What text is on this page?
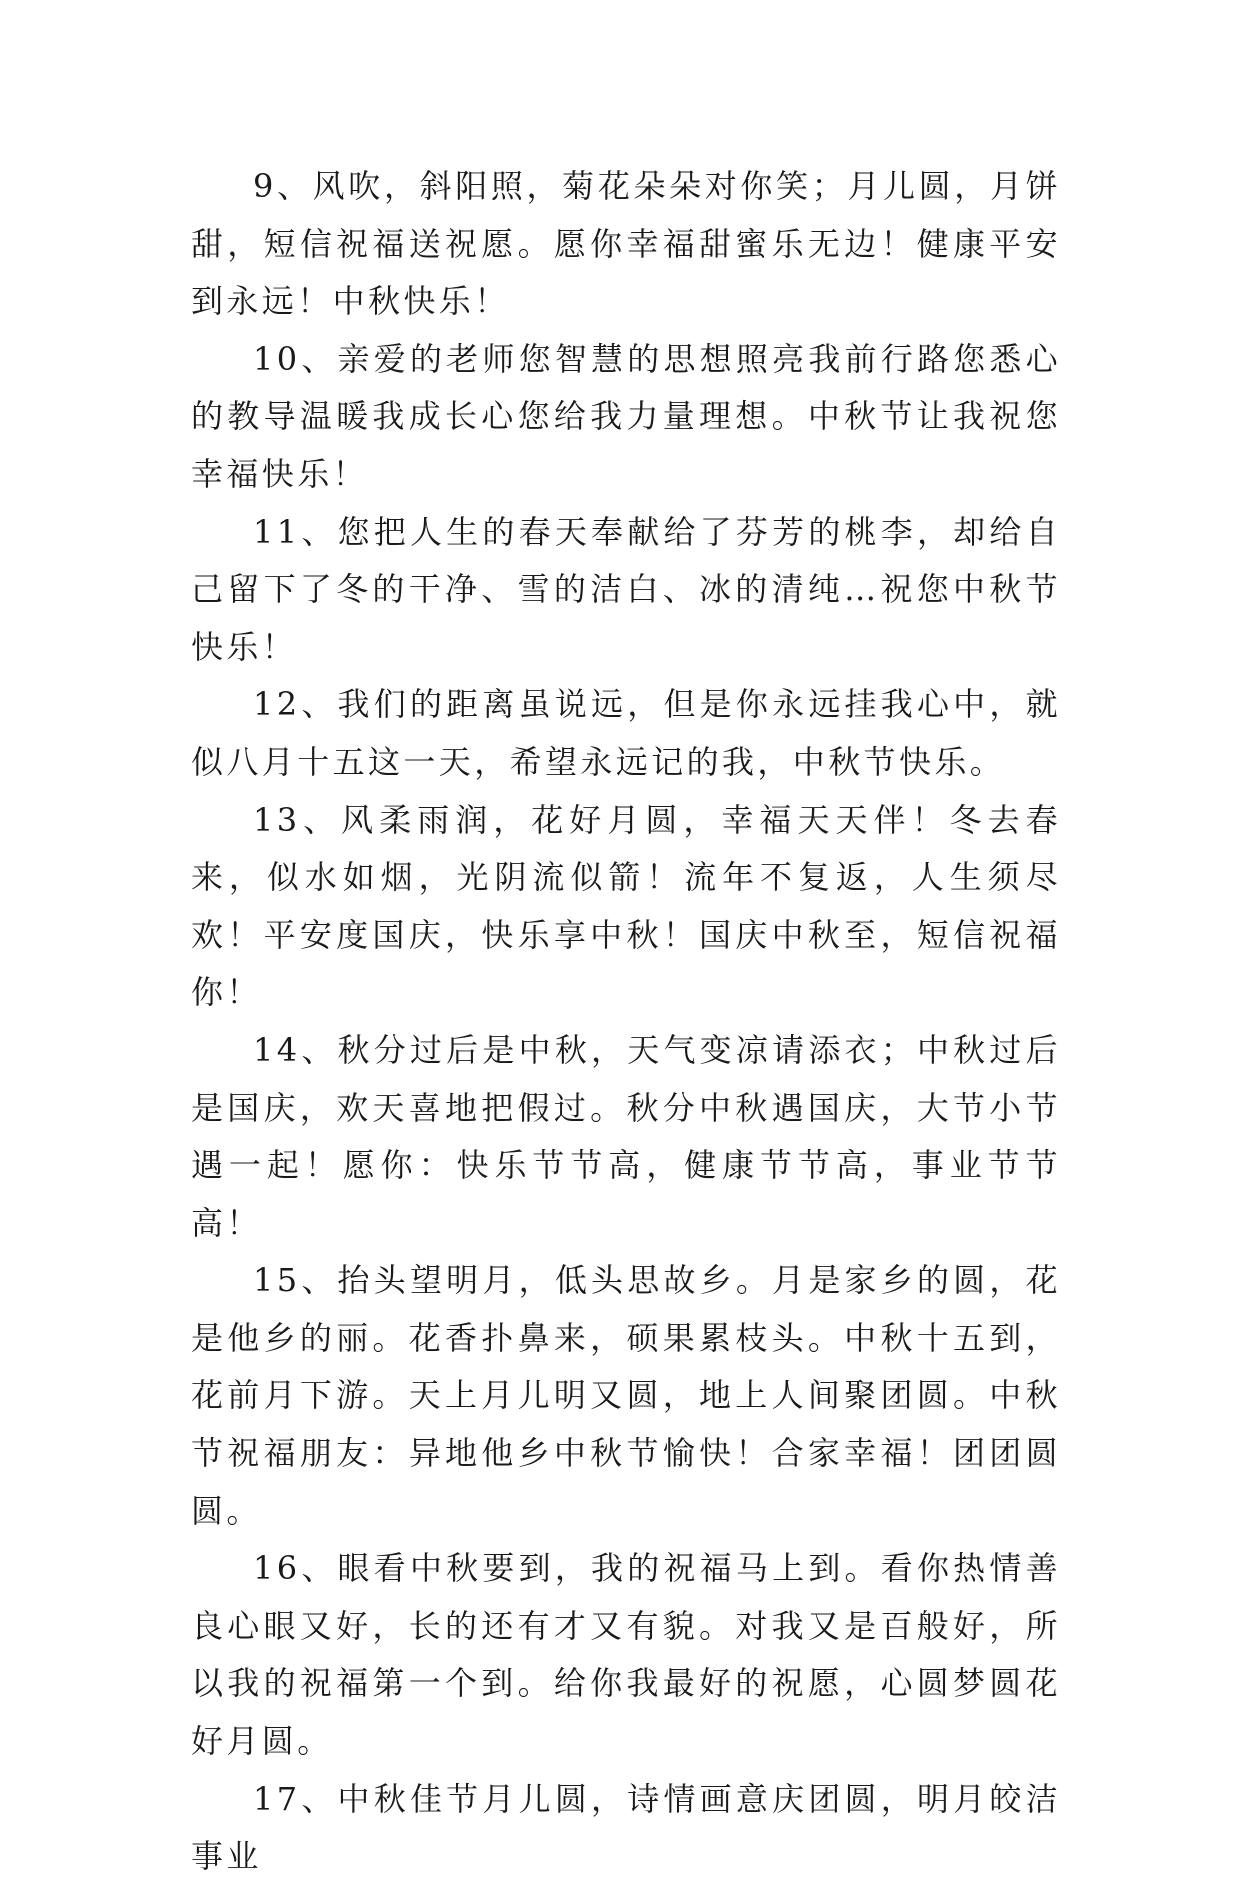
9、风吹，斜阳照，菊花朵朵对你笑；月儿圆，月饼甜，短信祝福送祝愿。愿你幸福甜蜜乐无边！健康平安到永远！中秋快乐！

10、亲爱的老师您智慧的思想照亮我前行路您悉心的教导温暖我成长心您给我力量理想。中秋节让我祝您幸福快乐！

11、您把人生的春天奉献给了芬芳的桃李，却给自己留下了冬的干净、雪的洁白、冰的清纯…祝您中秋节快乐！

12、我们的距离虽说远，但是你永远挂我心中，就似八月十五这一天，希望永远记的我，中秋节快乐。

13、风柔雨润，花好月圆，幸福天天伴！冬去春来，似水如烟，光阴流似箭！流年不复返，人生须尽欢！平安度国庆，快乐享中秋！国庆中秋至，短信祝福你！

14、秋分过后是中秋，天气变凉请添衣；中秋过后是国庆，欢天喜地把假过。秋分中秋遇国庆，大节小节遇一起！愿你：快乐节节高，健康节节高，事业节节高！

15、抬头望明月，低头思故乡。月是家乡的圆，花是他乡的丽。花香扑鼻来，硕果累枝头。中秋十五到，花前月下游。天上月儿明又圆，地上人间聚团圆。中秋节祝福朋友：异地他乡中秋节愉快！合家幸福！团团圆圆。

16、眼看中秋要到，我的祝福马上到。看你热情善良心眼又好，长的还有才又有貌。对我又是百般好，所以我的祝福第一个到。给你我最好的祝愿，心圆梦圆花好月圆。

17、中秋佳节月儿圆，诗情画意庆团圆，明月皎洁事业
